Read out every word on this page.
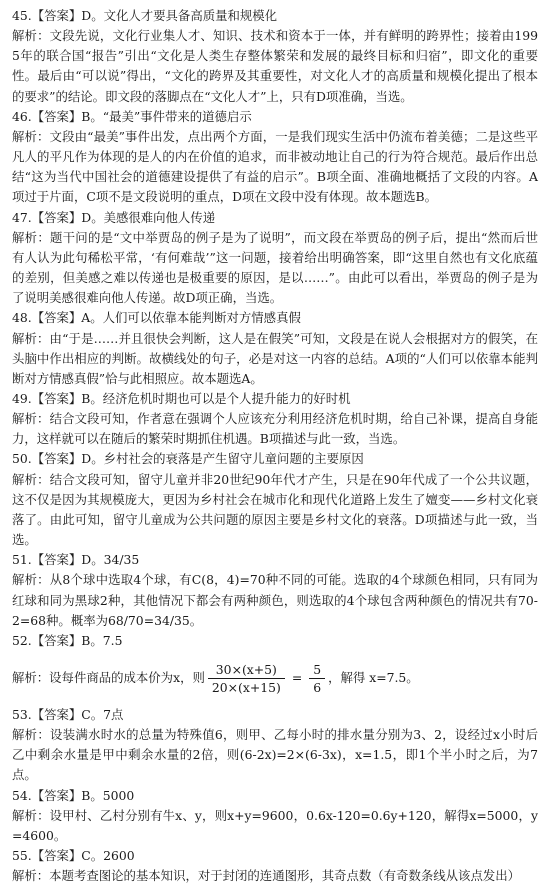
45.【答案】D。文化人才要具备高质量和规模化
解析：文段先说，文化行业集人才、知识、技术和资本于一体，并有鲜明的跨界性；接着由1995年的联合国“报告”引出“文化是人类生存整体繁荣和发展的最终目标和归宿”，即文化的重要性。最后由“可以说”得出，“文化的跨界及其重要性，对文化人才的高质量和规模化提出了根本的要求”的结论。即文段的落脚点在“文化人才”上，只有D项准确，当选。
46.【答案】B。“最美”事件带来的道德启示
解析：文段由“最美”事件出发，点出两个方面，一是我们现实生活中仍流布着美德；二是这些平凡人的平凡作为体现的是人的内在价值的追求，而非被动地让自己的行为符合规范。最后作出总结“这为当代中国社会的道德建设提供了有益的启示”。B项全面、准确地概括了文段的内容。A项过于片面，C项不是文段说明的重点，D项在文段中没有体现。故本题选B。
47.【答案】D。美感很难向他人传递
解析：题干问的是“文中举贾岛的例子是为了说明”，而文段在举贾岛的例子后，提出“然而后世有人认为此句稀松平常，‘有何难哉’”这一问题，接着给出明确答案，即“这里自然也有文化底蕴的差别，但美感之难以传递也是极重要的原因，是以……”。由此可以看出，举贾岛的例子是为了说明美感很难向他人传递。故D项正确，当选。
48.【答案】A。人们可以依靠本能判断对方情感真假
解析：由“于是……并且很快会判断，这人是在假笑”可知，文段是在说人会根据对方的假笑，在头脑中作出相应的判断。故横线处的句子，必是对这一内容的总结。A项的“人们可以依靠本能判断对方情感真假”恰与此相照应。故本题选A。
49.【答案】B。经济危机时期也可以是个人提升能力的好时机
解析：结合文段可知，作者意在强调个人应该充分利用经济危机时期，给自己补课，提高自身能力，这样就可以在随后的繁荣时期抓住机遇。B项描述与此一致，当选。
50.【答案】D。乡村社会的衰落是产生留守儿童问题的主要原因
解析：结合文段可知，留守儿童并非20世纪90年代才产生，只是在90年代成了一个公共议题，这不仅是因为其规模庞大，更因为乡村社会在城市化和现代化道路上发生了嬗变——乡村文化衰落了。由此可知，留守儿童成为公共问题的原因主要是乡村文化的衰落。D项描述与此一致，当选。
51.【答案】D。34/35
解析：从8个球中选取4个球，有C(8，4)=70种不同的可能。选取的4个球颜色相同，只有同为红球和同为黑球2种，其他情况下都会有两种颜色，则选取的4个球包含两种颜色的情况共有70-2=68种。概率为68/70=34/35。
52.【答案】B。7.5
解析：设每件商品的成本价为x，则 $\frac{30\times(x+5)}{20\times(x+15)} = \frac{5}{6}$ ，解得 x=7.5。
53.【答案】C。7点
解析：设装满水时水的总量为特殊值6，则甲、乙每小时的排水量分别为3、2，设经过x小时后乙中剩余水量是甲中剩余水量的2倍，则(6-2x)=2×(6-3x)，x=1.5，即1个半小时之后，为7点。
54.【答案】B。5000
解析：设甲村、乙村分别有牛x、y，则x+y=9600，0.6x-120=0.6y+120，解得x=5000，y=4600。
55.【答案】C。2600
解析：本题考查图论的基本知识，对于封闭的连通图形，其奇点数（有奇数条线从该点发出）
